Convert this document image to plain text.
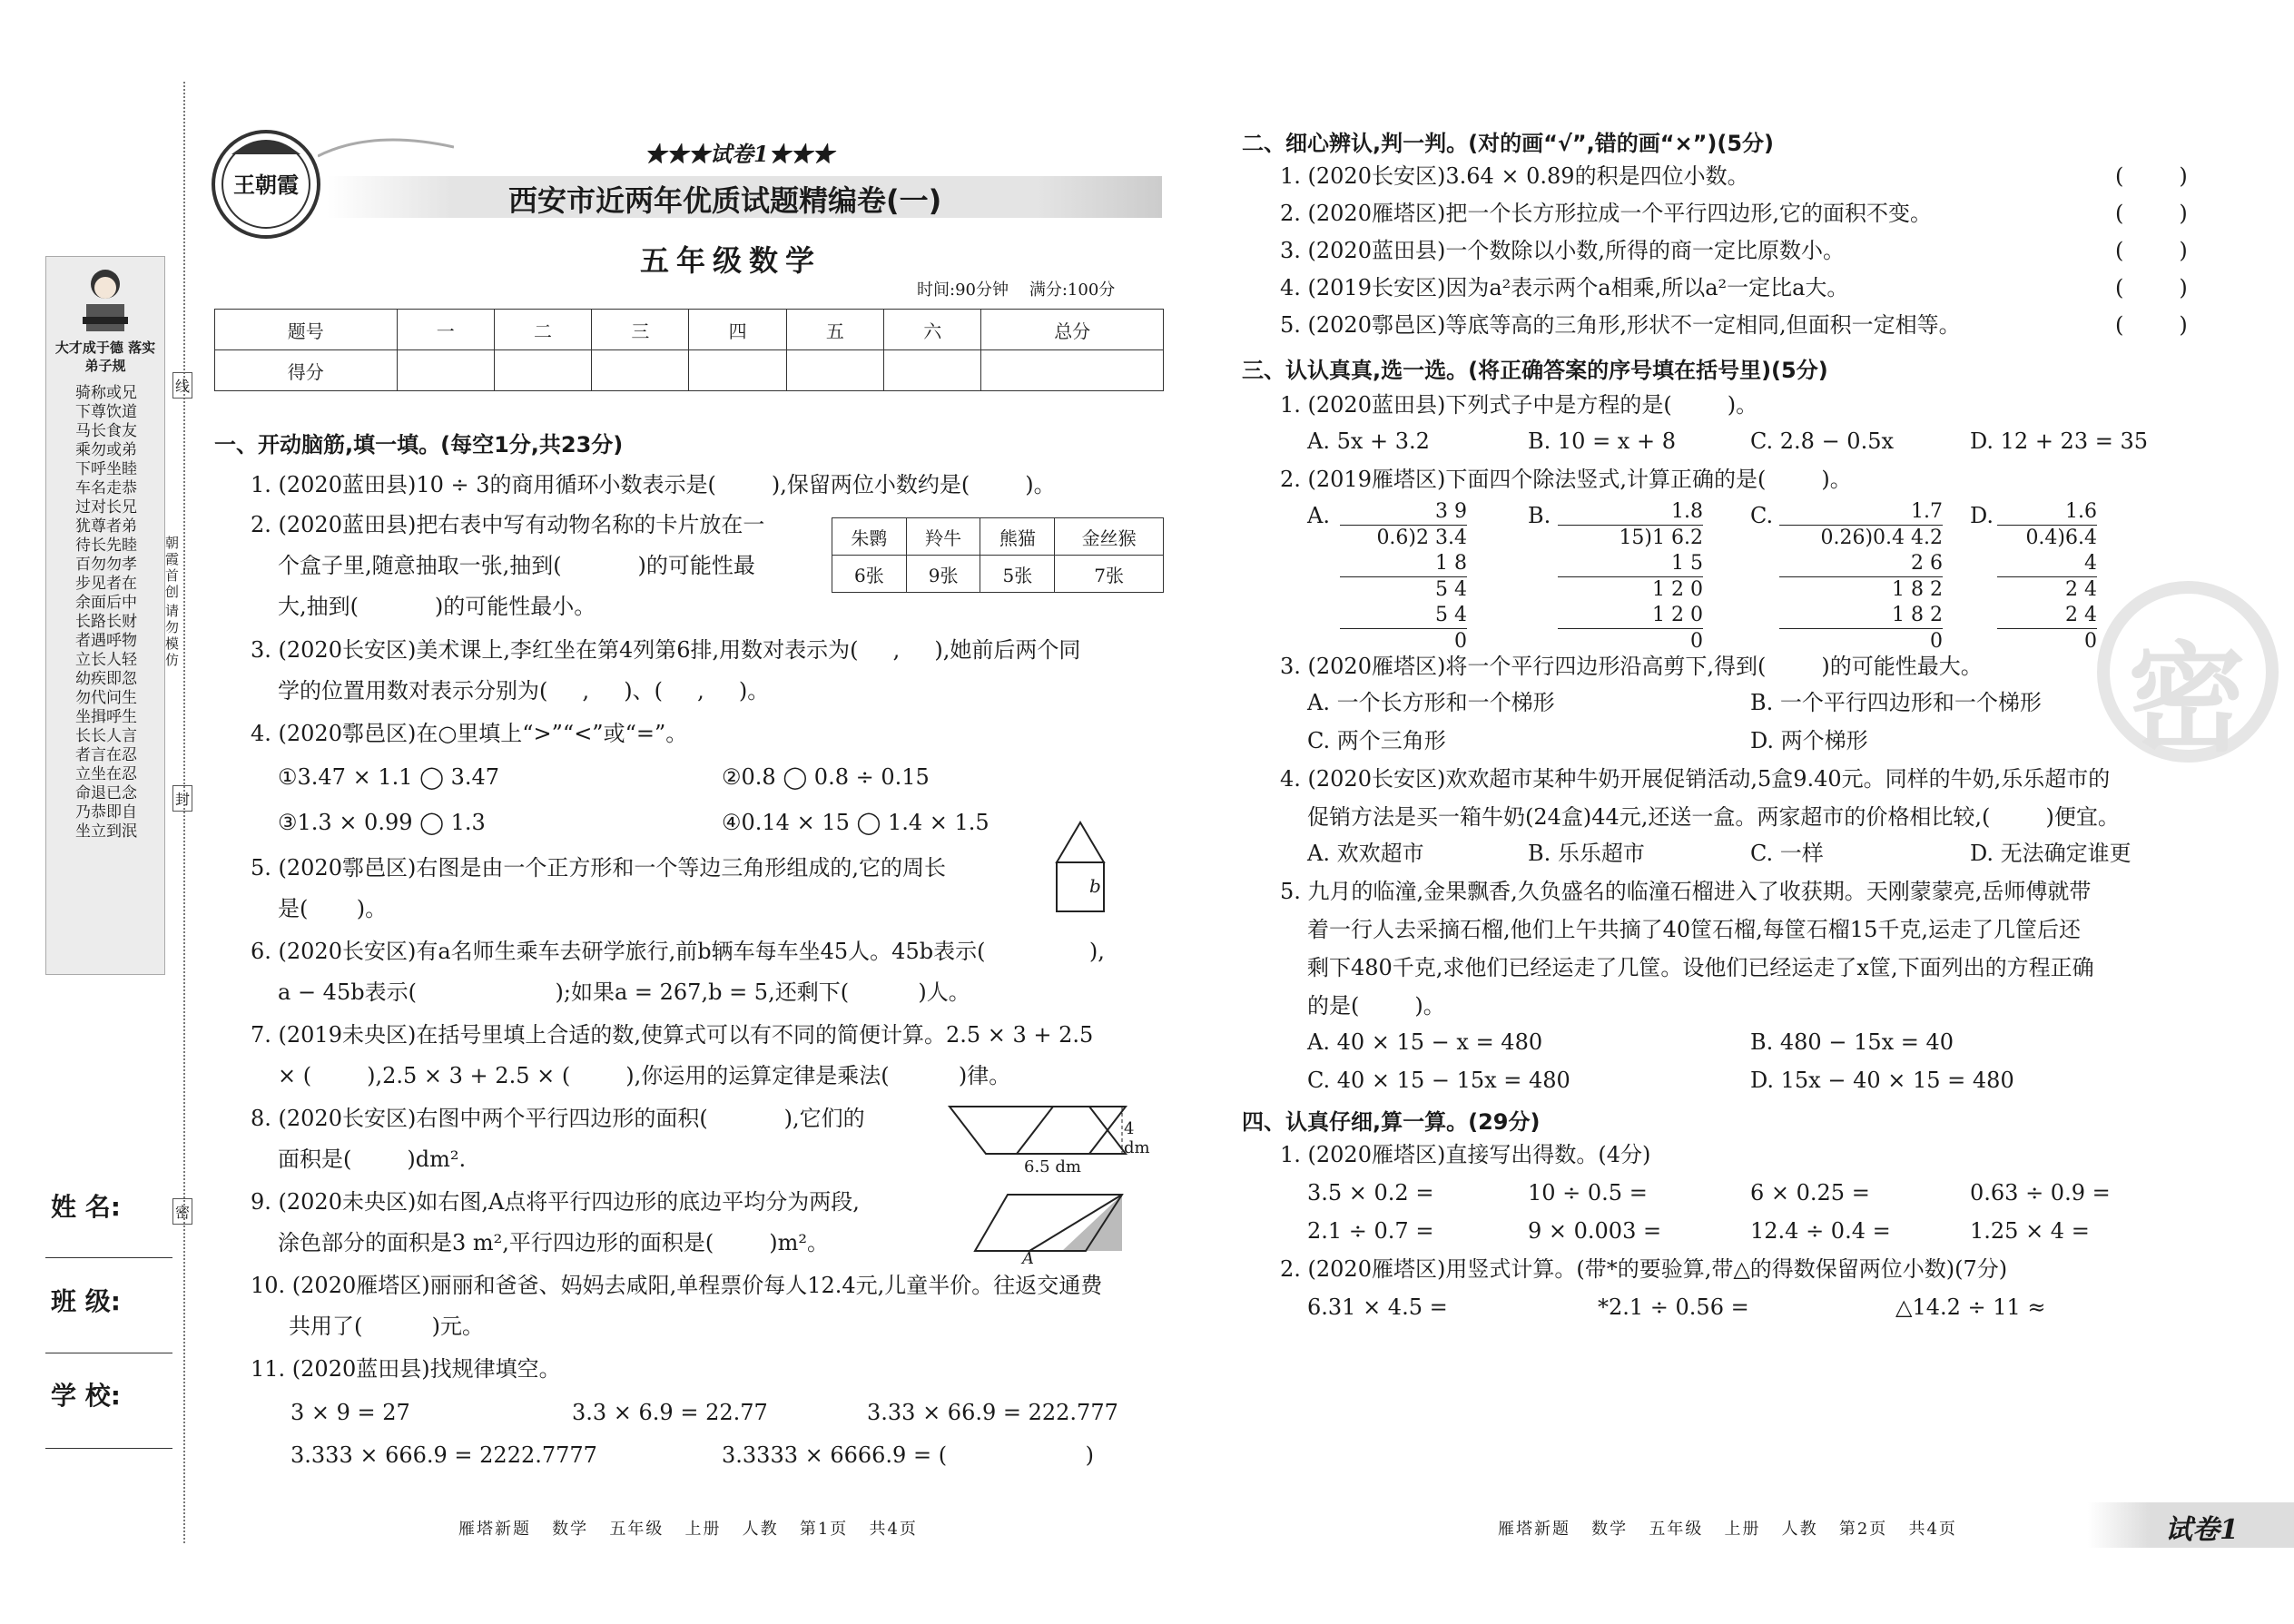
大才成于德 落实弟子规
骑称或兄
下尊饮道
马长食友
乘勿或弟
下呼坐睦
车名走恭
过对长兄
犹尊者弟
待长先睦
百勿勿孝
步见者在
余面后中
长路长财
者遇呼物
立长人轻
幼疾即忽
勿代问生
坐揖呼生
长长人言
者言在忍
立坐在忍
命退已念
乃恭即自
坐立到泯
朝霞首创
请勿模仿
线
封
密
姓 名:
班 级:
学 校:
王朝霞
★★★试卷1★★★
西安市近两年优质试题精编卷(一)
五年级数学
时间:90分钟    满分:100分
题号	一	二	三	四	五	六	总分
得分							
一、开动脑筋,填一填。(每空1分,共23分)
1. (2020蓝田县)10 ÷ 3的商用循环小数表示是(        ),保留两位小数约是(        )。
2. (2020蓝田县)把右表中写有动物名称的卡片放在一
个盒子里,随意抽取一张,抽到(           )的可能性最
大,抽到(           )的可能性最小。
朱鹮	羚牛	熊猫	金丝猴
6张	9张	5张	7张
3. (2020长安区)美术课上,李红坐在第4列第6排,用数对表示为(     ,     ),她前后两个同
学的位置用数对表示分别为(     ,     )、(     ,     )。
4. (2020鄠邑区)在○里填上“>”“<”或“=”。
①3.47 × 1.1 ◯ 3.47	②0.8 ◯ 0.8 ÷ 0.15
③1.3 × 0.99 ◯ 1.3	④0.14 × 15 ◯ 1.4 × 1.5
5. (2020鄠邑区)右图是由一个正方形和一个等边三角形组成的,它的周长
是(       )。
b
6. (2020长安区)有a名师生乘车去研学旅行,前b辆车每车坐45人。45b表示(               ),
a − 45b表示(                    );如果a = 267,b = 5,还剩下(          )人。
7. (2019未央区)在括号里填上合适的数,使算式可以有不同的简便计算。2.5 × 3 + 2.5
× (        ),2.5 × 3 + 2.5 × (        ),你运用的运算定律是乘法(          )律。
8. (2020长安区)右图中两个平行四边形的面积(           ),它们的
面积是(        )dm².
4 dm
6.5 dm
9. (2020未央区)如右图,A点将平行四边形的底边平均分为两段,
涂色部分的面积是3 m²,平行四边形的面积是(        )m²。
A
10. (2020雁塔区)丽丽和爸爸、妈妈去咸阳,单程票价每人12.4元,儿童半价。往返交通费
共用了(          )元。
11. (2020蓝田县)找规律填空。
3 × 9 = 27	3.3 × 6.9 = 22.77	3.33 × 66.9 = 222.777
3.333 × 666.9 = 2222.7777	3.3333 × 6666.9 = (                    )
二、细心辨认,判一判。(对的画“√”,错的画“×”)(5分)
1. (2020长安区)3.64 × 0.89的积是四位小数。	(        )
2. (2020雁塔区)把一个长方形拉成一个平行四边形,它的面积不变。	(        )
3. (2020蓝田县)一个数除以小数,所得的商一定比原数小。	(        )
4. (2019长安区)因为a²表示两个a相乘,所以a²一定比a大。	(        )
5. (2020鄠邑区)等底等高的三角形,形状不一定相同,但面积一定相等。	(        )
三、认认真真,选一选。(将正确答案的序号填在括号里)(5分)
1. (2020蓝田县)下列式子中是方程的是(        )。
A. 5x + 3.2	B. 10 = x + 8	C. 2.8 − 0.5x	D. 12 + 23 = 35
2. (2019雁塔区)下面四个除法竖式,计算正确的是(        )。
A.	3 9
0.6)2 3.4
1 8
5 4
5 4
0
B.	1.8
15)1 6.2
1 5
1 2 0
1 2 0
0
C.	1.7
0.26)0.4 4.2
2 6
1 8 2
1 8 2
0
D.	1.6
0.4)6.4
4
2 4
2 4
0
3. (2020雁塔区)将一个平行四边形沿高剪下,得到(        )的可能性最大。
A. 一个长方形和一个梯形	B. 一个平行四边形和一个梯形
C. 两个三角形	D. 两个梯形
4. (2020长安区)欢欢超市某种牛奶开展促销活动,5盒9.40元。同样的牛奶,乐乐超市的
促销方法是买一箱牛奶(24盒)44元,还送一盒。两家超市的价格相比较,(        )便宜。
A. 欢欢超市	B. 乐乐超市	C. 一样	D. 无法确定谁更
5. 九月的临潼,金果飘香,久负盛名的临潼石榴进入了收获期。天刚蒙蒙亮,岳师傅就带
着一行人去采摘石榴,他们上午共摘了40筐石榴,每筐石榴15千克,运走了几筐后还
剩下480千克,求他们已经运走了几筐。设他们已经运走了x筐,下面列出的方程正确
的是(        )。
A. 40 × 15 − x = 480	B. 480 − 15x = 40
C. 40 × 15 − 15x = 480	D. 15x − 40 × 15 = 480
四、认真仔细,算一算。(29分)
1. (2020雁塔区)直接写出得数。(4分)
3.5 × 0.2 =	10 ÷ 0.5 =	6 × 0.25 =	0.63 ÷ 0.9 =
2.1 ÷ 0.7 =	9 × 0.003 =	12.4 ÷ 0.4 =	1.25 × 4 =
2. (2020雁塔区)用竖式计算。(带*的要验算,带△的得数保留两位小数)(7分)
6.31 × 4.5 =	*2.1 ÷ 0.56 =	△14.2 ÷ 11 ≈
密
雁塔新题   数学   五年级   上册   人教   第1页   共4页	雁塔新题   数学   五年级   上册   人教   第2页   共4页	试卷1
